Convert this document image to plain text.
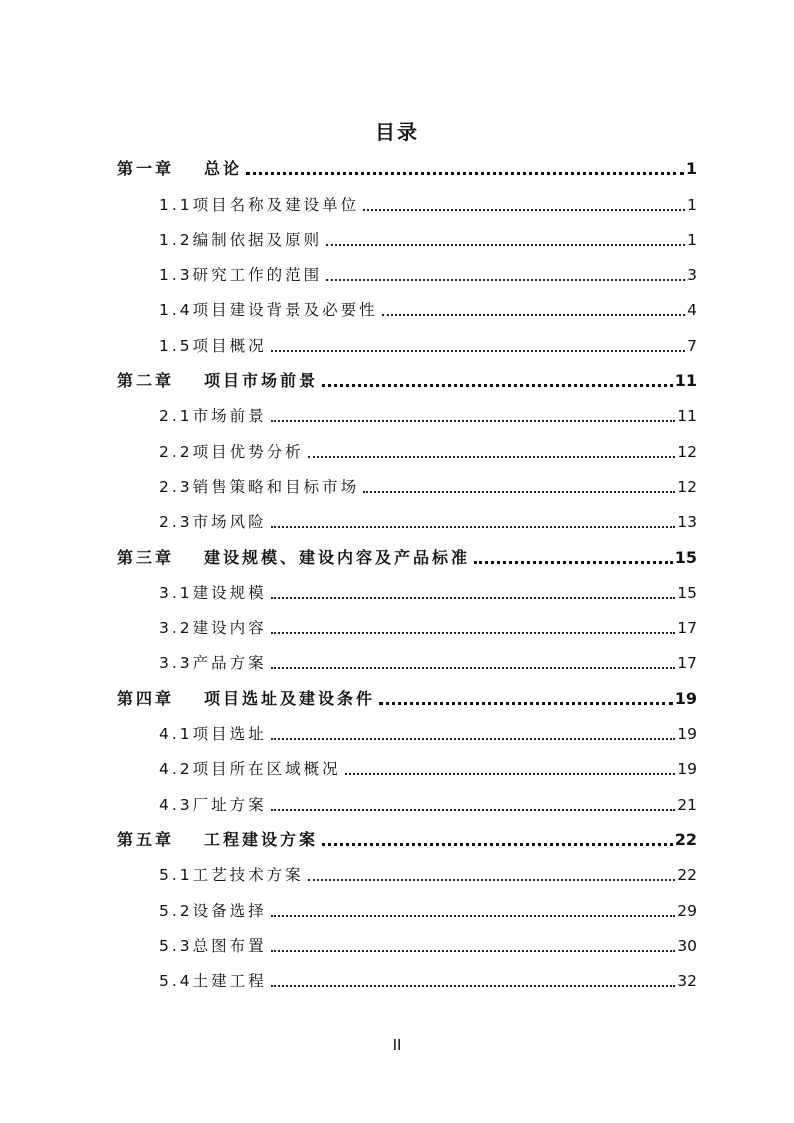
目录
第一章 总论	1
1.1项目名称及建设单位	1
1.2编制依据及原则	1
1.3研究工作的范围	3
1.4项目建设背景及必要性	4
1.5项目概况	7
第二章 项目市场前景	11
2.1市场前景	11
2.2项目优势分析	12
2.3销售策略和目标市场	12
2.3市场风险	13
第三章 建设规模、建设内容及产品标准	15
3.1建设规模	15
3.2建设内容	17
3.3产品方案	17
第四章 项目选址及建设条件	19
4.1项目选址	19
4.2项目所在区域概况	19
4.3厂址方案	21
第五章 工程建设方案	22
5.1工艺技术方案	22
5.2设备选择	29
5.3总图布置	30
5.4土建工程	32
II
